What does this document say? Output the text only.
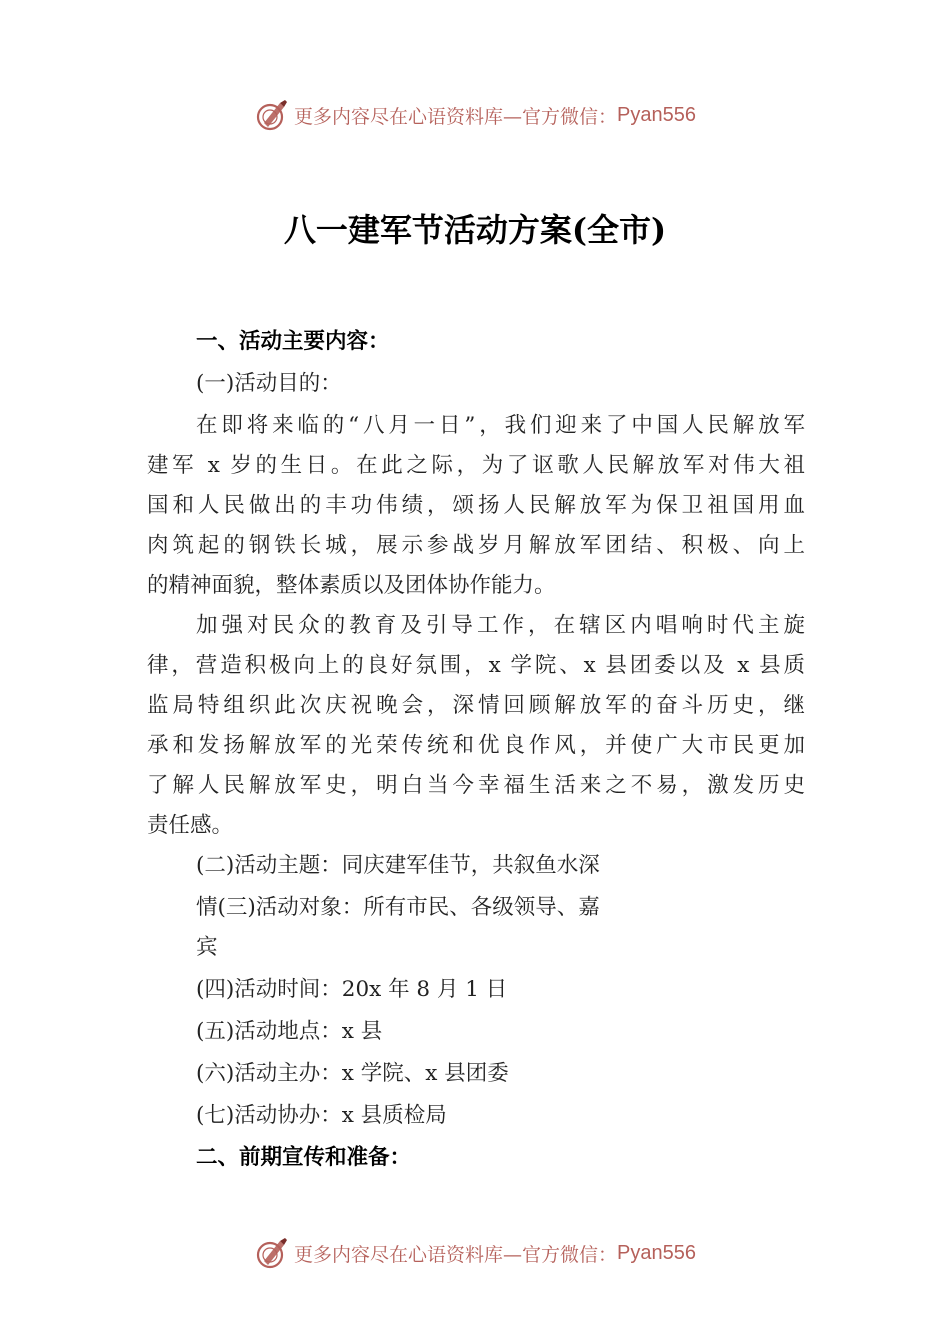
更多内容尽在心语资料库—官方微信： Pyan556
八一建军节活动方案(全市)
一、活动主要内容：
(一)活动目的：
在即将来临的“八月一日”，我们迎来了中国人民解放军
建军 x 岁的生日。在此之际，为了讴歌人民解放军对伟大祖
国和人民做出的丰功伟绩，颂扬人民解放军为保卫祖国用血
肉筑起的钢铁长城，展示参战岁月解放军团结、积极、向上
的精神面貌，整体素质以及团体协作能力。
加强对民众的教育及引导工作，在辖区内唱响时代主旋
律，营造积极向上的良好氛围，x 学院、x 县团委以及 x 县质
监局特组织此次庆祝晚会，深情回顾解放军的奋斗历史，继
承和发扬解放军的光荣传统和优良作风，并使广大市民更加
了解人民解放军史，明白当今幸福生活来之不易，激发历史
责任感。
(二)活动主题：同庆建军佳节，共叙鱼水深
情(三)活动对象：所有市民、各级领导、嘉
宾
(四)活动时间：20x 年 8 月 1 日
(五)活动地点：x 县
(六)活动主办：x 学院、x 县团委
(七)活动协办：x 县质检局
二、前期宣传和准备：
更多内容尽在心语资料库—官方微信： Pyan556
